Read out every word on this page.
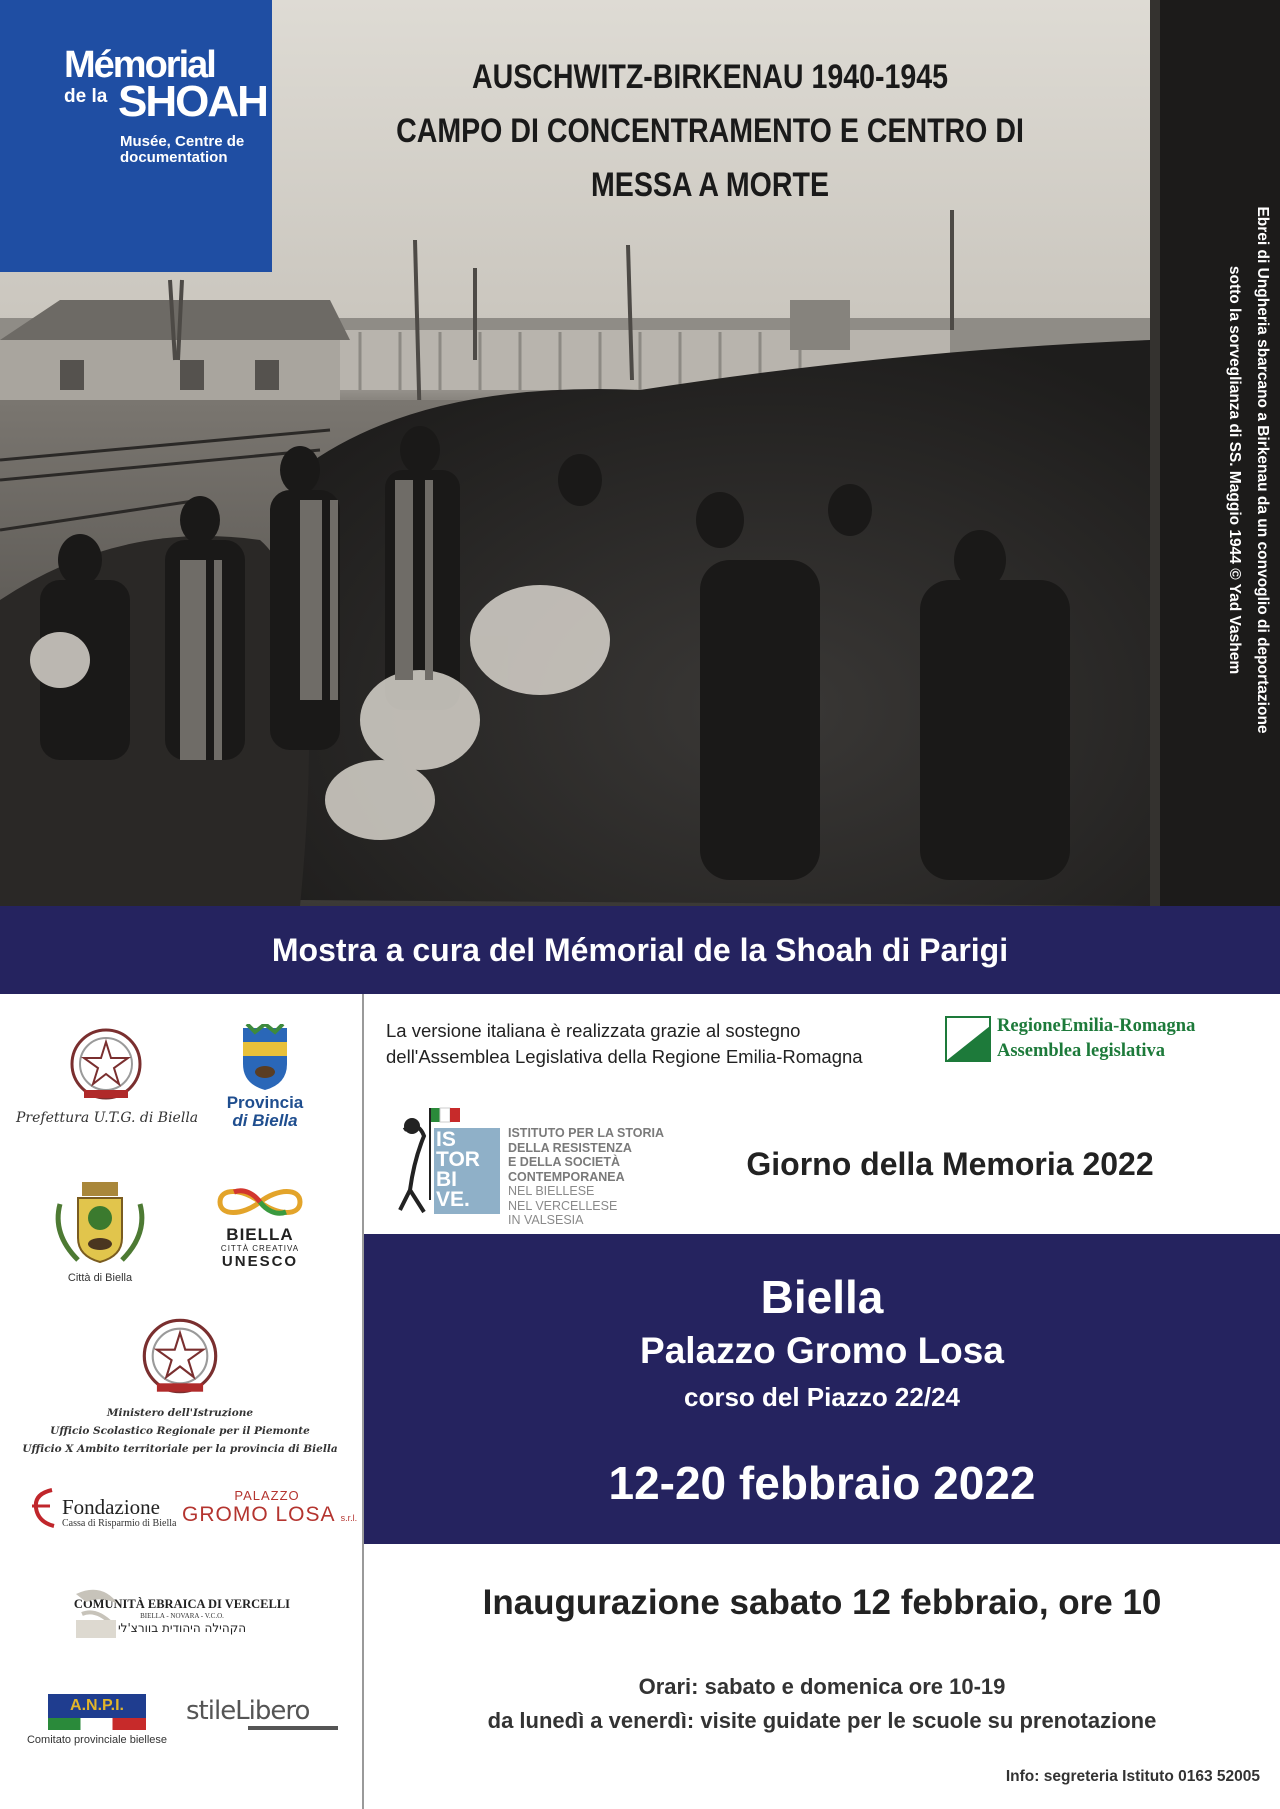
Mémorial
de la SHOAH
Musée, Centre de documentation
AUSCHWITZ-BIRKENAU 1940-1945
CAMPO DI CONCENTRAMENTO E CENTRO DI MESSA A MORTE
Ebrei di Ungheria sbarcano a Birkenau da un convoglio di deportazione
sotto la sorveglianza di SS. Maggio 1944 © Yad Vashem
Mostra a cura del Mémorial de la Shoah di Parigi
Prefettura U.T.G. di Biella
Provincia
di Biella
Città di Biella
BIELLA
CITTÀ CREATIVA
UNESCO
Ministero dell'Istruzione
Ufficio Scolastico Regionale per il Piemonte
Ufficio X Ambito territoriale per la provincia di Biella
Fondazione
Cassa di Risparmio di Biella
PALAZZO
GROMO LOSA s.r.l.
COMUNITÀ EBRAICA DI VERCELLI
BIELLA - NOVARA - V.C.O.
הקהילה היהודית בוורצ'לי
A.N.P.I.
Comitato provinciale biellese
stileLibero
La versione italiana è realizzata grazie al sostegno
dell'Assemblea Legislativa della Regione Emilia-Romagna
RegioneEmilia-Romagna
Assemblea legislativa
IS
TOR
BI
VE.
ISTITUTO PER LA STORIA
DELLA RESISTENZA
E DELLA SOCIETÀ
CONTEMPORANEA
NEL BIELLESE
NEL VERCELLESE
IN VALSESIA
Giorno della Memoria 2022
Biella
Palazzo Gromo Losa
corso del Piazzo 22/24
12-20 febbraio 2022
Inaugurazione sabato 12 febbraio, ore 10
Orari: sabato e domenica ore 10-19
da lunedì a venerdì: visite guidate per le scuole su prenotazione
Info: segreteria Istituto 0163 52005
